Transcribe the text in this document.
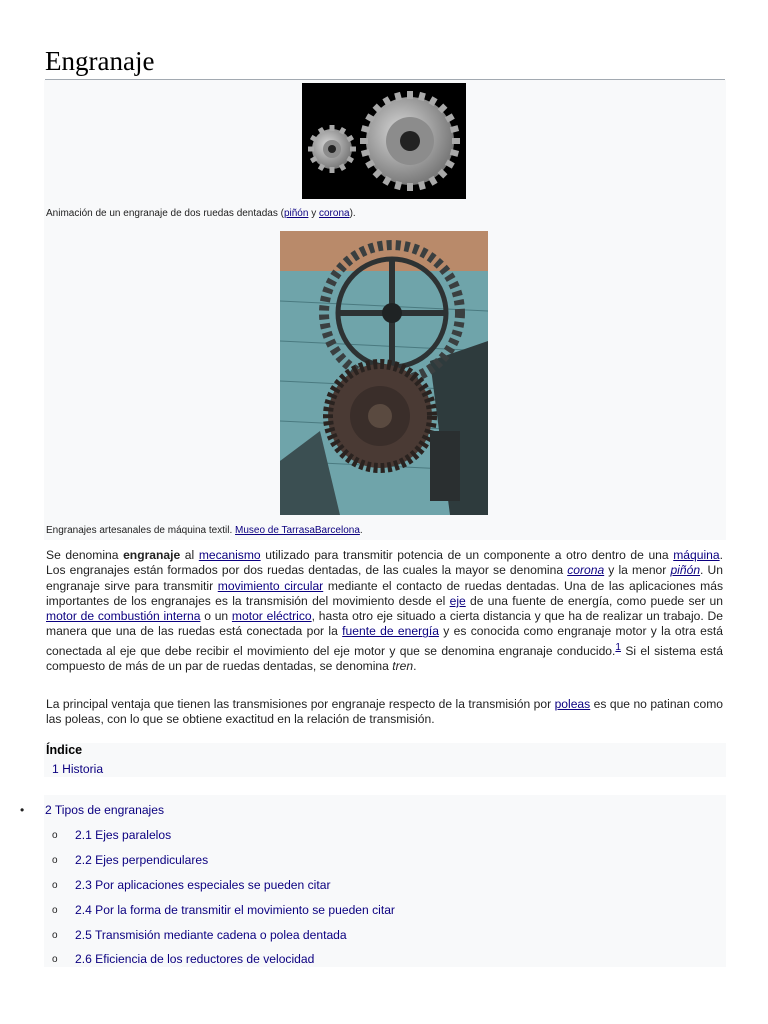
Engranaje
Animación de un engranaje de dos ruedas dentadas (piñón y corona).
Engranajes artesanales de máquina textil. Museo de TarrasaBarcelona.

Se denomina engranaje al mecanismo utilizado para transmitir potencia de un componente a otro dentro de una máquina. Los engranajes están formados por dos ruedas dentadas, de las cuales la mayor se denomina corona y la menor piñón. Un engranaje sirve para transmitir movimiento circular mediante el contacto de ruedas dentadas. Una de las aplicaciones más importantes de los engranajes es la transmisión del movimiento desde el eje de una fuente de energía, como puede ser un motor de combustión interna o un motor eléctrico, hasta otro eje situado a cierta distancia y que ha de realizar un trabajo. De manera que una de las ruedas está conectada por la fuente de energía y es conocida como engranaje motor y la otra está conectada al eje que debe recibir el movimiento del eje motor y que se denomina engranaje conducido.$^1$ Si el sistema está compuesto de más de un par de ruedas dentadas, se denomina tren.

La principal ventaja que tienen las transmisiones por engranaje respecto de la transmisión por poleas es que no patinan como las poleas, con lo que se obtiene exactitud en la relación de transmisión.

Índice
1 Historia
• 2 Tipos de engranajes
o 2.1 Ejes paralelos
o 2.2 Ejes perpendiculares
o 2.3 Por aplicaciones especiales se pueden citar
o 2.4 Por la forma de transmitir el movimiento se pueden citar
o 2.5 Transmisión mediante cadena o polea dentada
o 2.6 Eficiencia de los reductores de velocidad
